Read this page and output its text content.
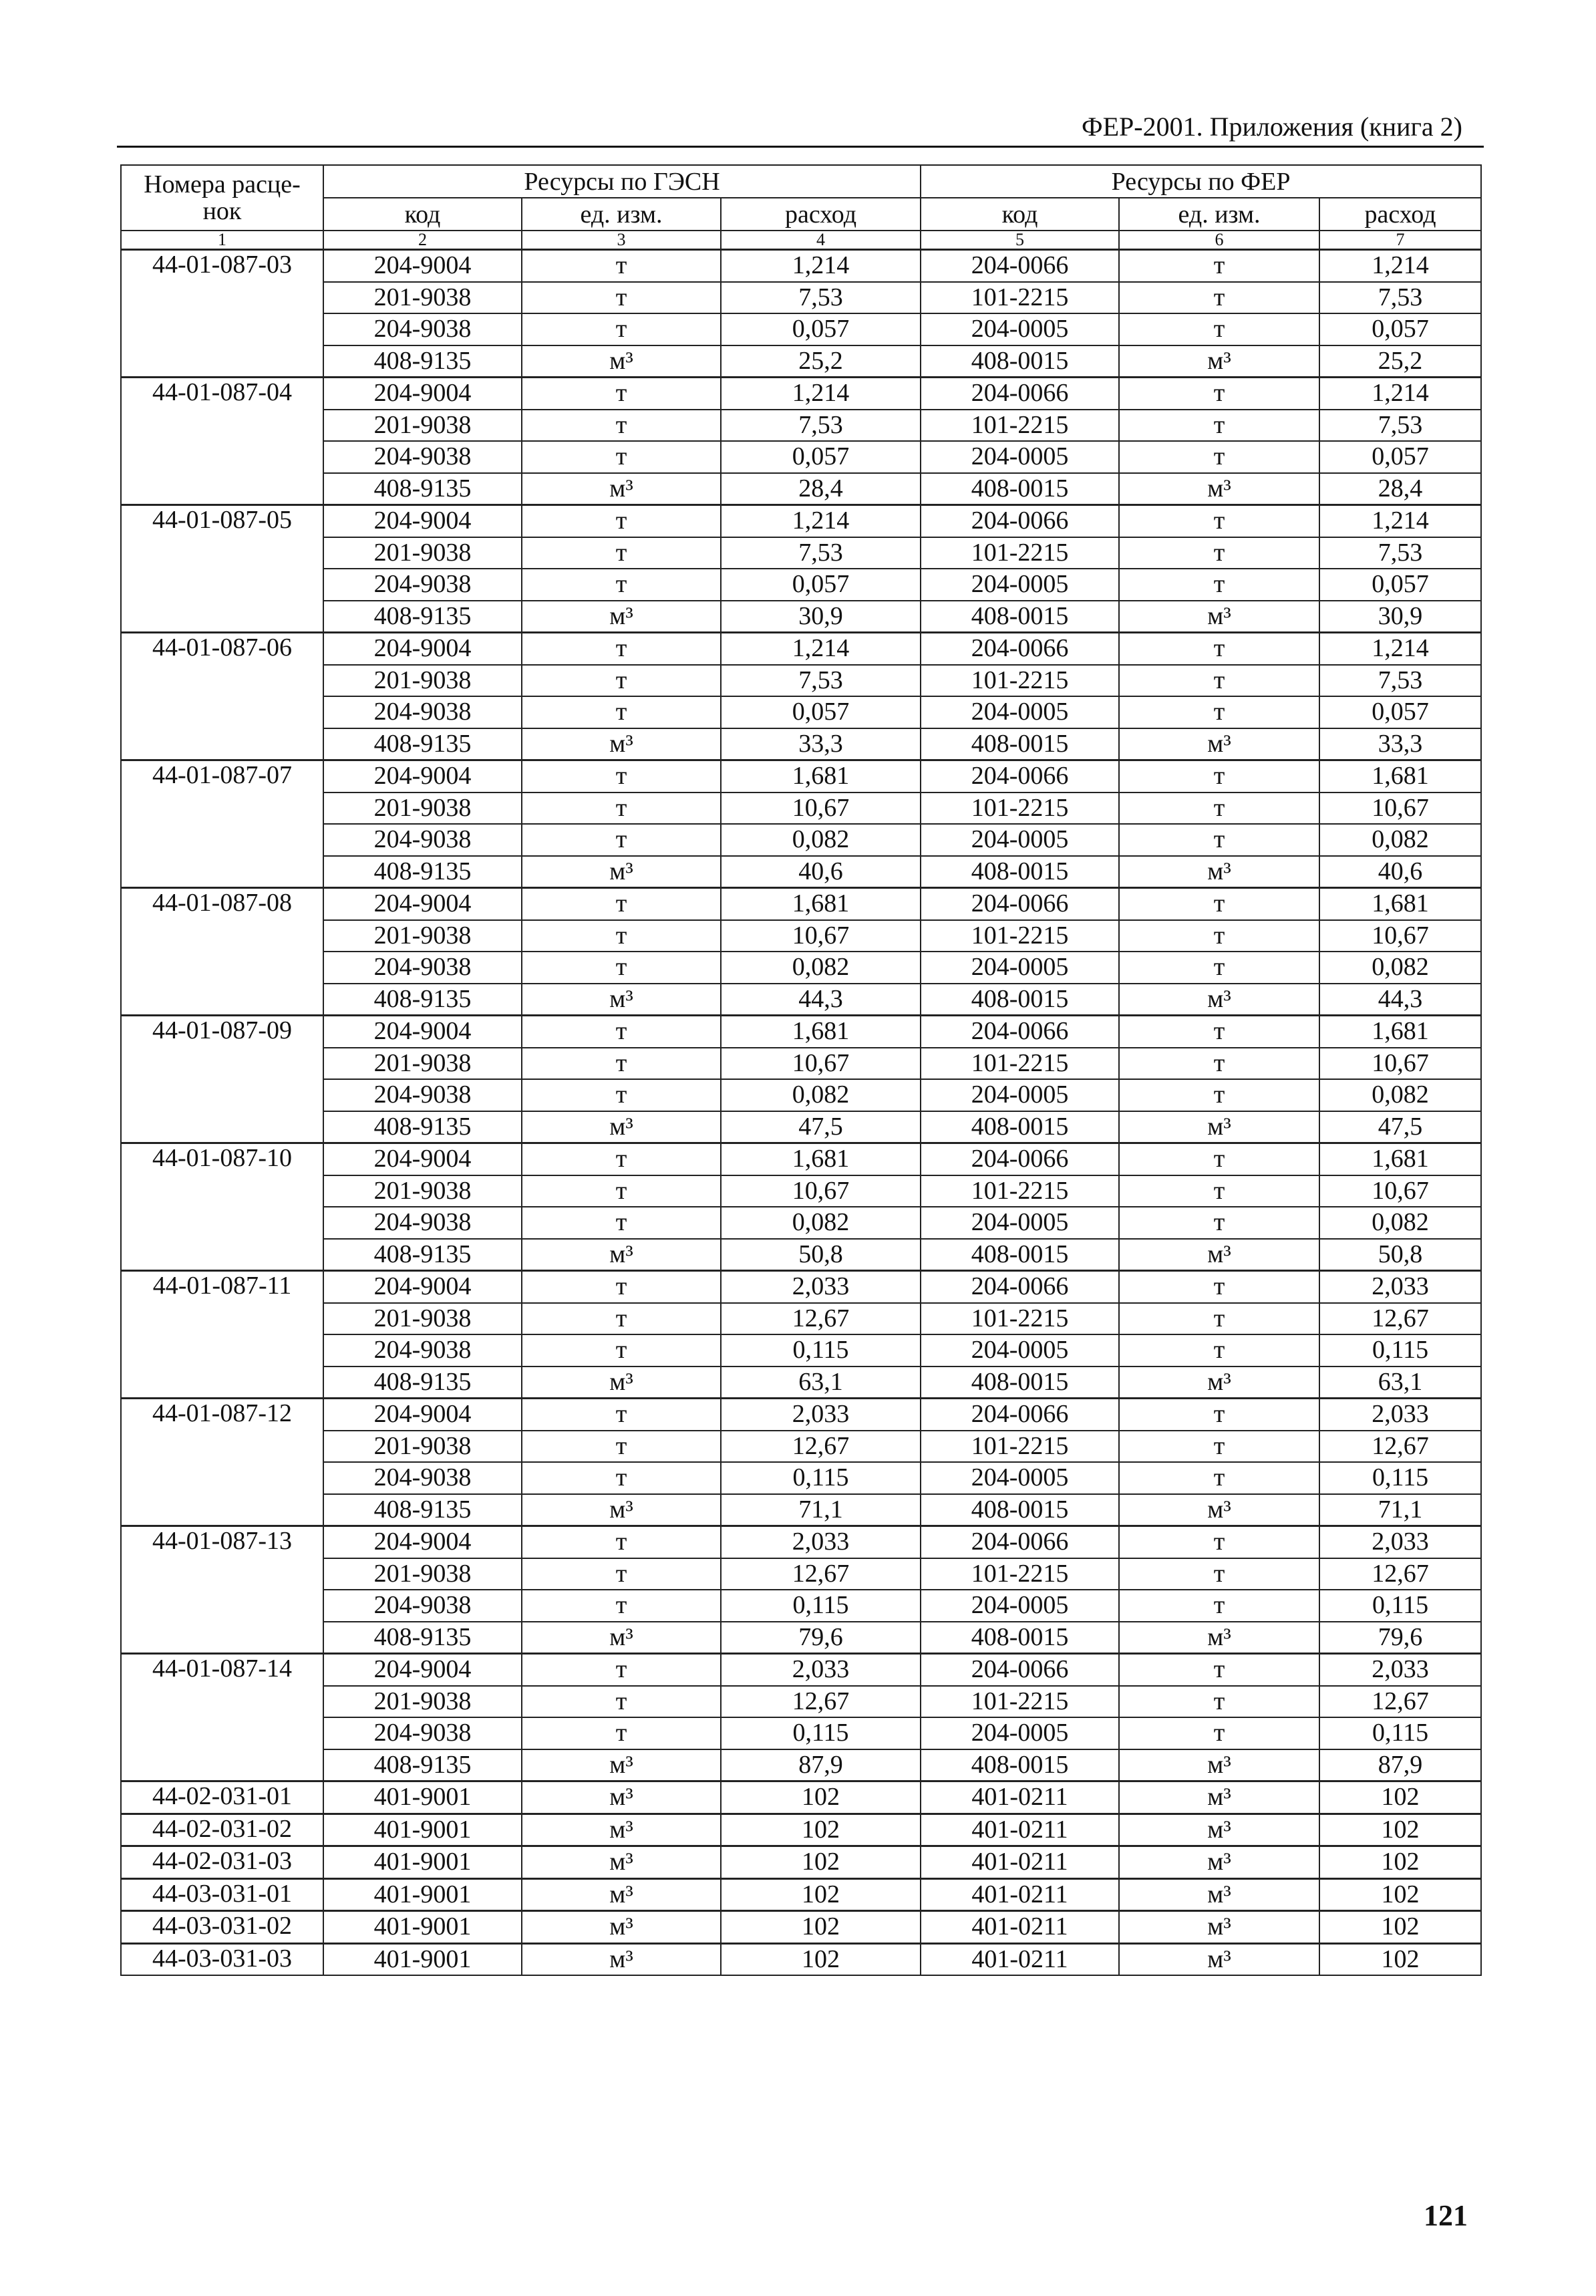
ФЕР-2001. Приложения (книга 2)
Номера расце-нок	Ресурсы по ГЭСН			Ресурсы по ФЕР		
	код	ед. изм.	расход	код	ед. изм.	расход
1	2	3	4	5	6	7
44-01-087-03	204-9004	т	1,214	204-0066	т	1,214
	201-9038	т	7,53	101-2215	т	7,53
	204-9038	т	0,057	204-0005	т	0,057
	408-9135	м³	25,2	408-0015	м³	25,2
44-01-087-04	204-9004	т	1,214	204-0066	т	1,214
	201-9038	т	7,53	101-2215	т	7,53
	204-9038	т	0,057	204-0005	т	0,057
	408-9135	м³	28,4	408-0015	м³	28,4
44-01-087-05	204-9004	т	1,214	204-0066	т	1,214
	201-9038	т	7,53	101-2215	т	7,53
	204-9038	т	0,057	204-0005	т	0,057
	408-9135	м³	30,9	408-0015	м³	30,9
44-01-087-06	204-9004	т	1,214	204-0066	т	1,214
	201-9038	т	7,53	101-2215	т	7,53
	204-9038	т	0,057	204-0005	т	0,057
	408-9135	м³	33,3	408-0015	м³	33,3
44-01-087-07	204-9004	т	1,681	204-0066	т	1,681
	201-9038	т	10,67	101-2215	т	10,67
	204-9038	т	0,082	204-0005	т	0,082
	408-9135	м³	40,6	408-0015	м³	40,6
44-01-087-08	204-9004	т	1,681	204-0066	т	1,681
	201-9038	т	10,67	101-2215	т	10,67
	204-9038	т	0,082	204-0005	т	0,082
	408-9135	м³	44,3	408-0015	м³	44,3
44-01-087-09	204-9004	т	1,681	204-0066	т	1,681
	201-9038	т	10,67	101-2215	т	10,67
	204-9038	т	0,082	204-0005	т	0,082
	408-9135	м³	47,5	408-0015	м³	47,5
44-01-087-10	204-9004	т	1,681	204-0066	т	1,681
	201-9038	т	10,67	101-2215	т	10,67
	204-9038	т	0,082	204-0005	т	0,082
	408-9135	м³	50,8	408-0015	м³	50,8
44-01-087-11	204-9004	т	2,033	204-0066	т	2,033
	201-9038	т	12,67	101-2215	т	12,67
	204-9038	т	0,115	204-0005	т	0,115
	408-9135	м³	63,1	408-0015	м³	63,1
44-01-087-12	204-9004	т	2,033	204-0066	т	2,033
	201-9038	т	12,67	101-2215	т	12,67
	204-9038	т	0,115	204-0005	т	0,115
	408-9135	м³	71,1	408-0015	м³	71,1
44-01-087-13	204-9004	т	2,033	204-0066	т	2,033
	201-9038	т	12,67	101-2215	т	12,67
	204-9038	т	0,115	204-0005	т	0,115
	408-9135	м³	79,6	408-0015	м³	79,6
44-01-087-14	204-9004	т	2,033	204-0066	т	2,033
	201-9038	т	12,67	101-2215	т	12,67
	204-9038	т	0,115	204-0005	т	0,115
	408-9135	м³	87,9	408-0015	м³	87,9
44-02-031-01	401-9001	м³	102	401-0211	м³	102
44-02-031-02	401-9001	м³	102	401-0211	м³	102
44-02-031-03	401-9001	м³	102	401-0211	м³	102
44-03-031-01	401-9001	м³	102	401-0211	м³	102
44-03-031-02	401-9001	м³	102	401-0211	м³	102
44-03-031-03	401-9001	м³	102	401-0211	м³	102
121
